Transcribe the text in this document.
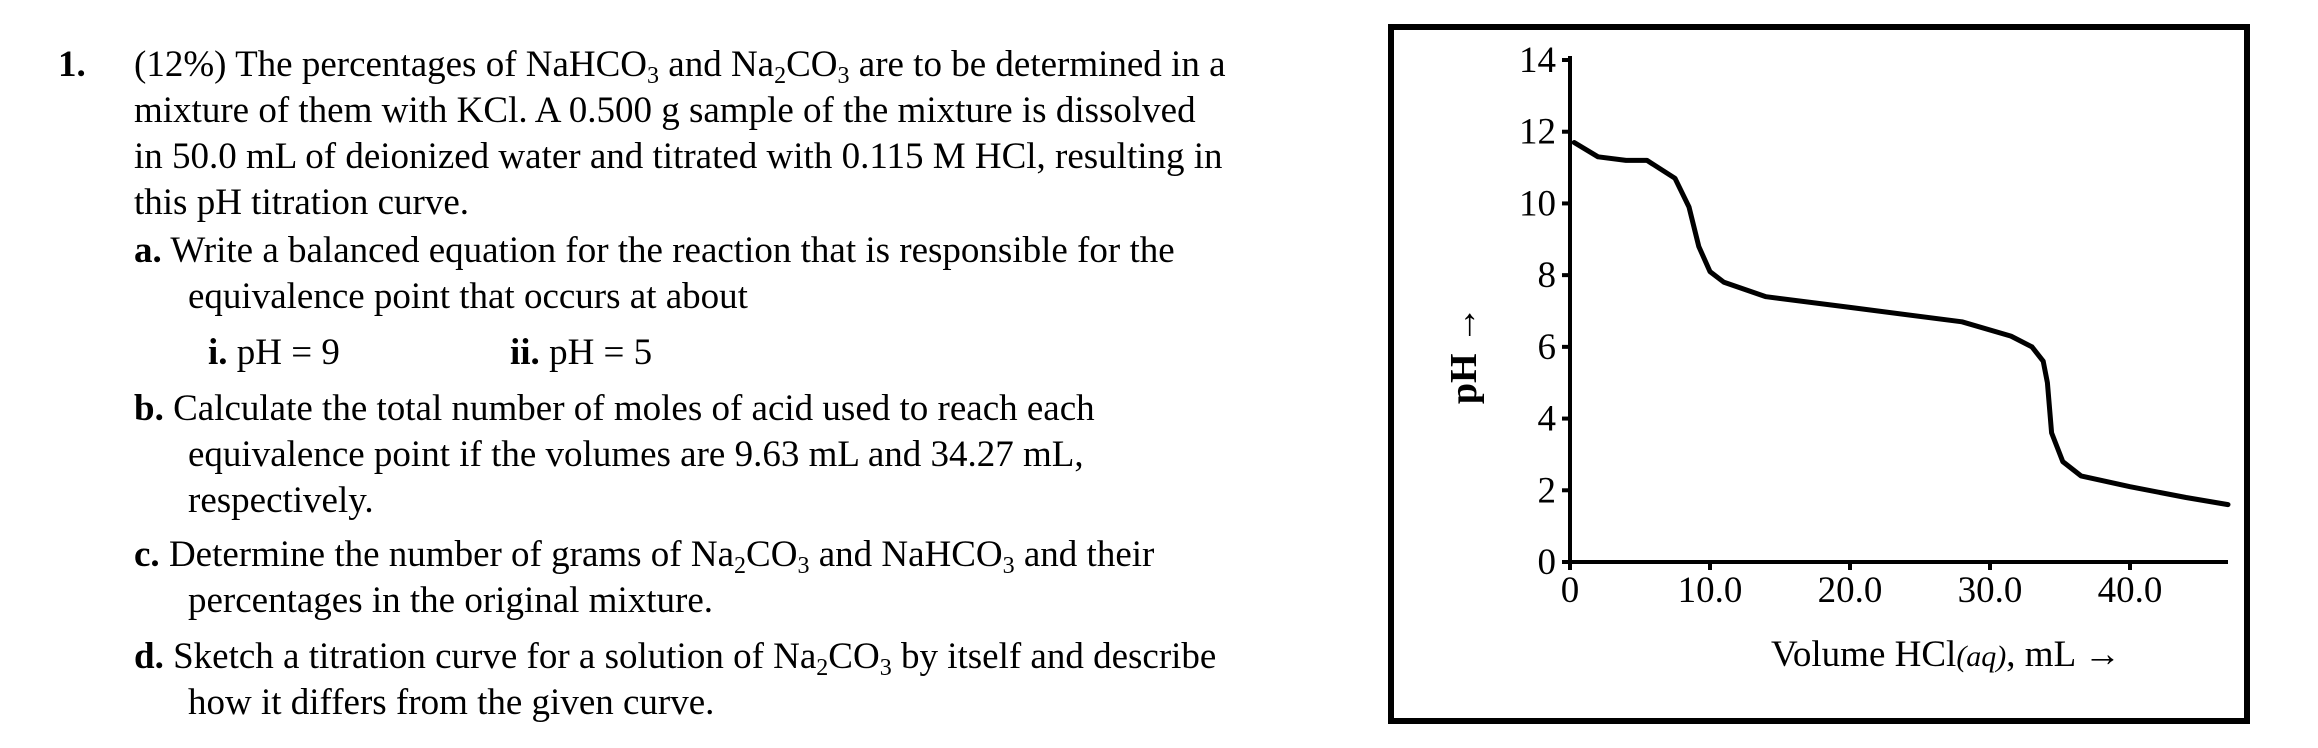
1. (12%) The percentages of NaHCO$_3$ and $Na_2CO_3$ are to be determined in a
mixture of them with KCl. A 0.500 g sample of the mixture is dissolved
in 50.0 mL of deionized water and titrated with 0.115 M HCl, resulting in
this pH titration curve.
a. Write a balanced equation for the reaction that is responsible for the
equivalence point that occurs at about
i. pH = 9	ii. pH = 5
b. Calculate the total number of moles of acid used to reach each
equivalence point if the volumes are 9.63 mL and 34.27 mL,
respectively.
c. Determine the number of grams of $Na_2CO_3$ and NaHCO$_3$ and their
percentages in the original mixture.
d. Sketch a titration curve for a solution of $Na_2CO_3$ by itself and describe
how it differs from the given curve.
0
2
4
6
8
10
12
14
0	10.0 20.0 30.0 40.0
pH →
Volume HCl(aq), mL →
